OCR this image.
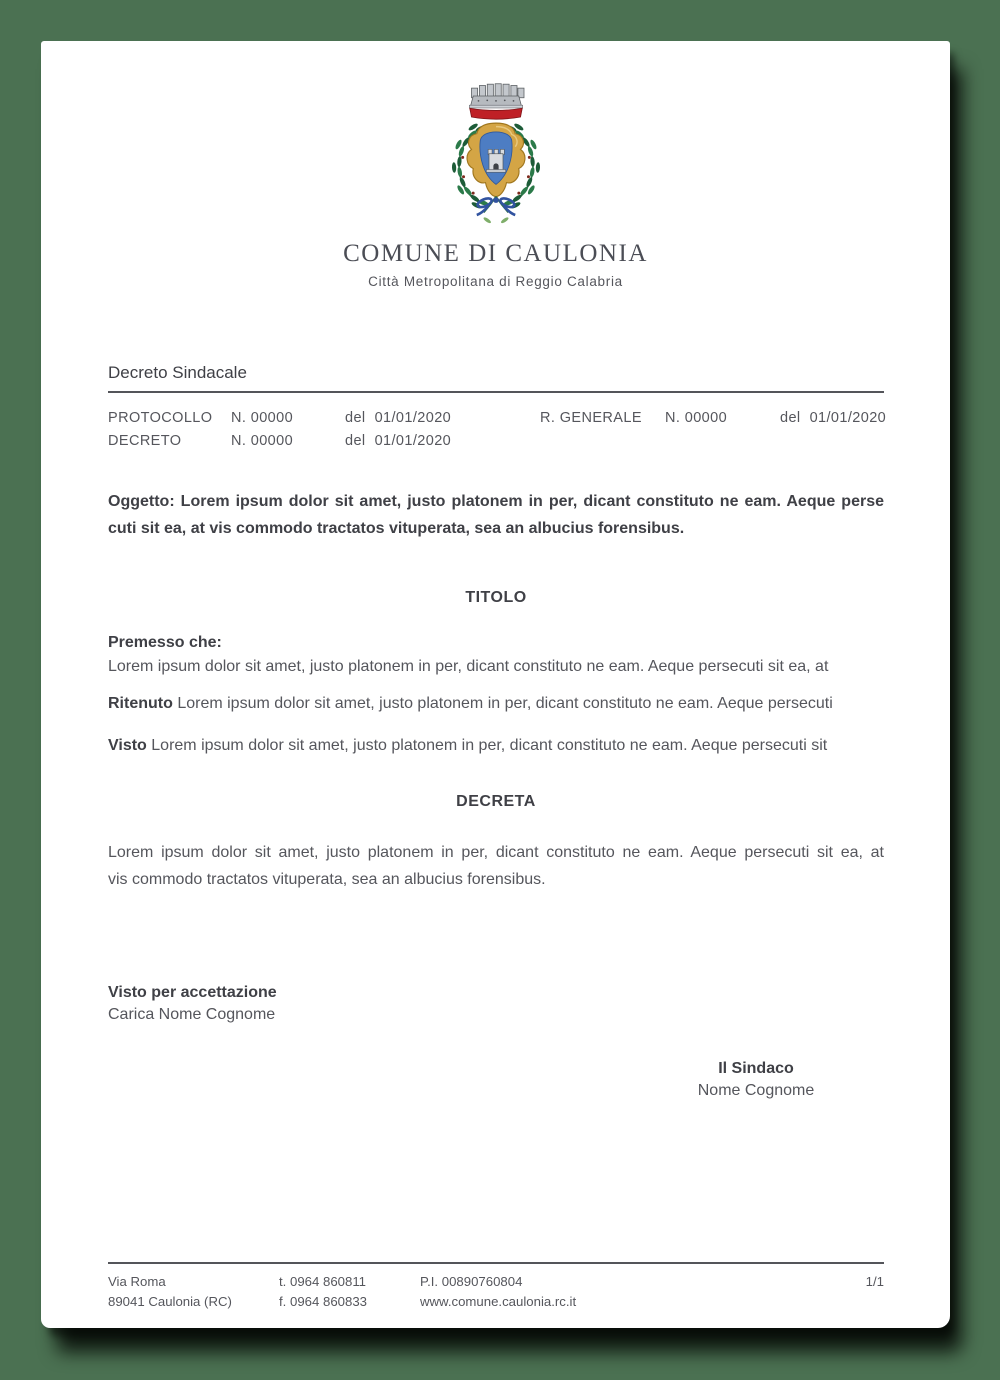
COMUNE DI CAULONIA
Città Metropolitana di Reggio Calabria
Decreto Sindacale
PROTOCOLLO	N. 00000	del 01/01/2020	R. GENERALE	N. 00000	del 01/01/2020
DECRETO	N. 00000	del 01/01/2020
Oggetto: Lorem ipsum dolor sit amet, justo platonem in per, dicant constituto ne eam. Aeque perse
cuti sit ea, at vis commodo tractatos vituperata, sea an albucius forensibus.
TITOLO
Premesso che:
Lorem ipsum dolor sit amet, justo platonem in per, dicant constituto ne eam. Aeque persecuti sit ea, at
Ritenuto Lorem ipsum dolor sit amet, justo platonem in per, dicant constituto ne eam. Aeque persecuti
Visto Lorem ipsum dolor sit amet, justo platonem in per, dicant constituto ne eam. Aeque persecuti sit
DECRETA
Lorem ipsum dolor sit amet, justo platonem in per, dicant constituto ne eam. Aeque persecuti sit ea, at
vis commodo tractatos vituperata, sea an albucius forensibus.
Visto per accettazione
Carica Nome Cognome
Il Sindaco
Nome Cognome
Via Roma
89041 Caulonia (RC)
t. 0964 860811
f. 0964 860833
P.I. 00890760804
www.comune.caulonia.rc.it
1/1
